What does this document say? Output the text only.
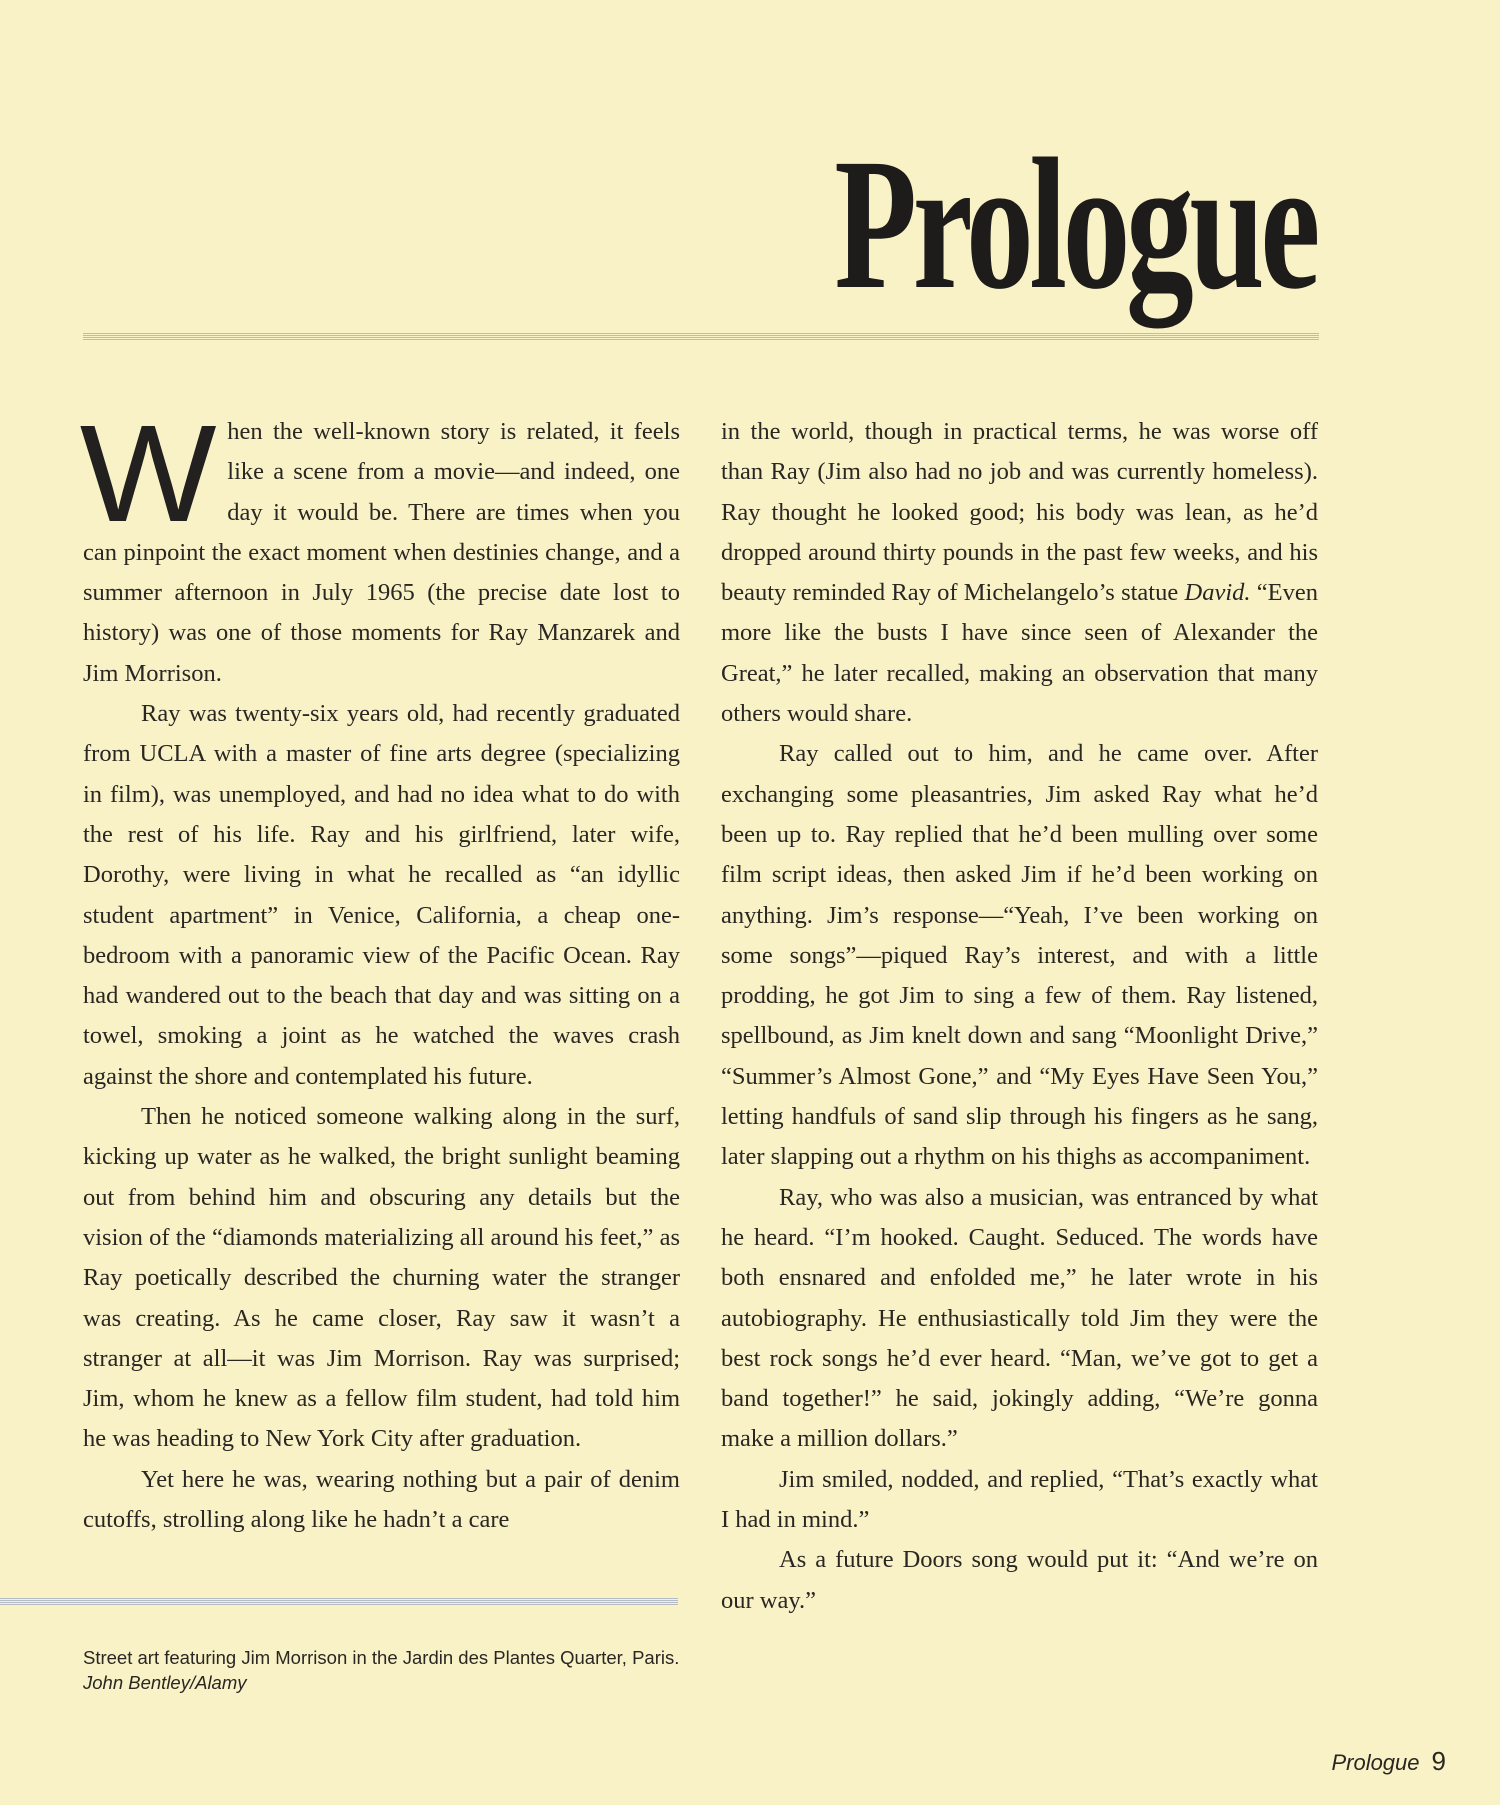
Prologue

When the well-known story is related, it feels like a scene from a movie—and indeed, one day it would be. There are times when you can pinpoint the exact moment when destinies change, and a summer afternoon in July 1965 (the precise date lost to history) was one of those moments for Ray Manzarek and Jim Morrison.

Ray was twenty-six years old, had recently graduated from UCLA with a master of fine arts degree (specializing in film), was unemployed, and had no idea what to do with the rest of his life. Ray and his girlfriend, later wife, Dorothy, were living in what he recalled as “an idyllic student apartment” in Venice, California, a cheap one-bedroom with a panoramic view of the Pacific Ocean. Ray had wandered out to the beach that day and was sitting on a towel, smoking a joint as he watched the waves crash against the shore and contemplated his future.

Then he noticed someone walking along in the surf, kicking up water as he walked, the bright sunlight beaming out from behind him and obscuring any details but the vision of the “diamonds materializing all around his feet,” as Ray poetically described the churning water the stranger was creating. As he came closer, Ray saw it wasn’t a stranger at all—it was Jim Morrison. Ray was surprised; Jim, whom he knew as a fellow film student, had told him he was heading to New York City after graduation.

Yet here he was, wearing nothing but a pair of denim cutoffs, strolling along like he hadn’t a care

in the world, though in practical terms, he was worse off than Ray (Jim also had no job and was currently homeless). Ray thought he looked good; his body was lean, as he’d dropped around thirty pounds in the past few weeks, and his beauty reminded Ray of Michelangelo’s statue David. “Even more like the busts I have since seen of Alexander the Great,” he later recalled, making an observation that many others would share.

Ray called out to him, and he came over. After exchanging some pleasantries, Jim asked Ray what he’d been up to. Ray replied that he’d been mulling over some film script ideas, then asked Jim if he’d been working on anything. Jim’s response—“Yeah, I’ve been working on some songs”—piqued Ray’s interest, and with a little prodding, he got Jim to sing a few of them. Ray listened, spellbound, as Jim knelt down and sang “Moonlight Drive,” “Summer’s Almost Gone,” and “My Eyes Have Seen You,” letting handfuls of sand slip through his fingers as he sang, later slapping out a rhythm on his thighs as accompaniment.

Ray, who was also a musician, was entranced by what he heard. “I’m hooked. Caught. Seduced. The words have both ensnared and enfolded me,” he later wrote in his autobiography. He enthusiastically told Jim they were the best rock songs he’d ever heard. “Man, we’ve got to get a band together!” he said, jokingly adding, “We’re gonna make a million dollars.”

Jim smiled, nodded, and replied, “That’s exactly what I had in mind.”

As a future Doors song would put it: “And we’re on our way.”

Street art featuring Jim Morrison in the Jardin des Plantes Quarter, Paris. John Bentley/Alamy
Prologue 9
